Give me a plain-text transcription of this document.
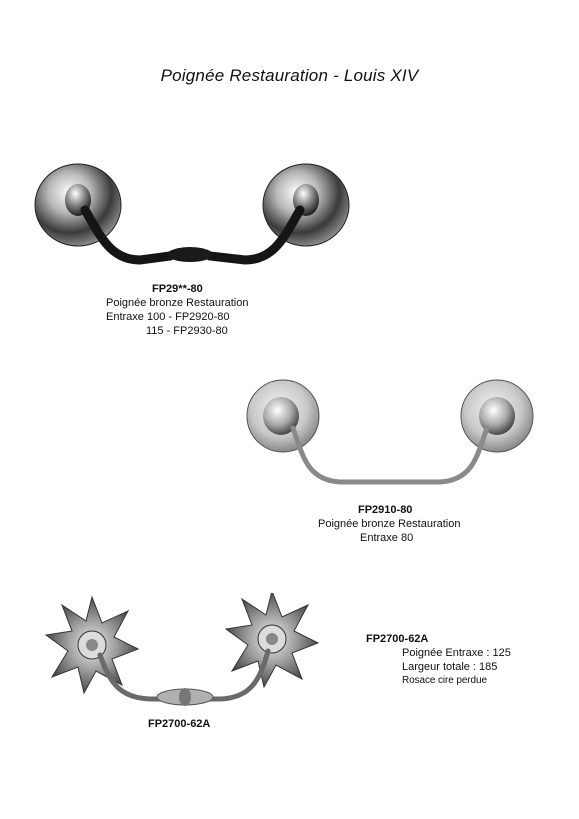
Poignée Restauration - Louis XIV
FP29**-80
Poignée bronze Restauration
Entraxe 100 - FP2920-80
115 - FP2930-80
FP2910-80
Poignée bronze Restauration
Entraxe 80
FP2700-62A
FP2700-62A
Poignée Entraxe : 125
Largeur totale : 185
Rosace cire perdue
